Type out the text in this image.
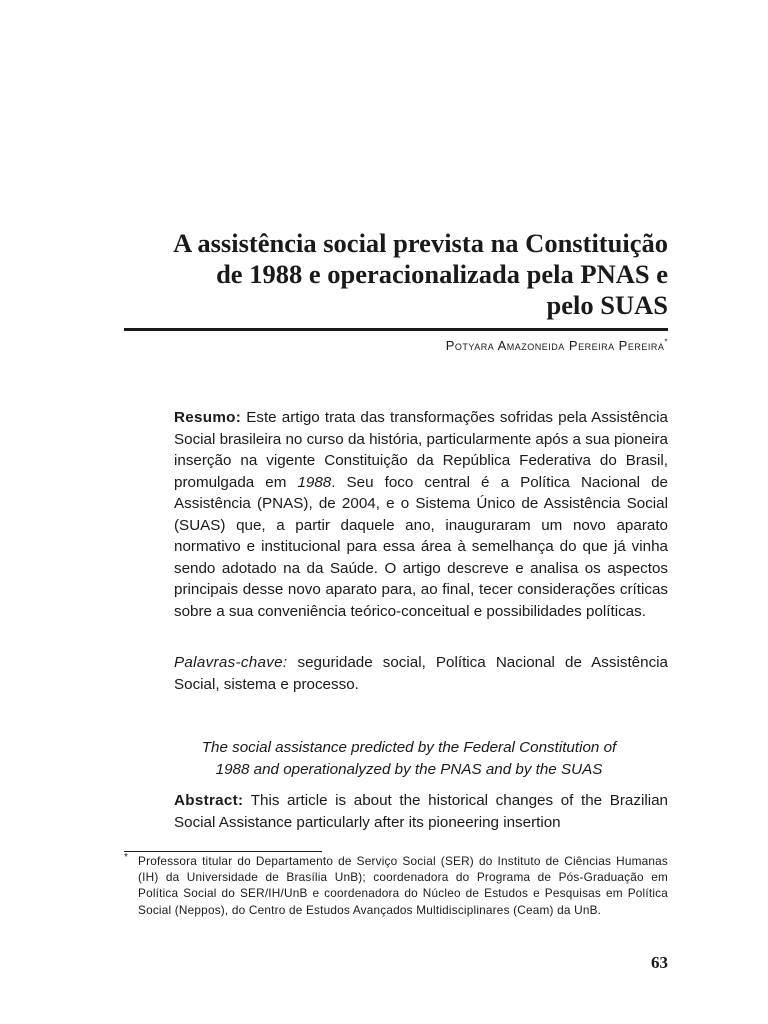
A assistência social prevista na Constituição
de 1988 e operacionalizada pela PNAS e
pelo SUAS
Potyara Amazoneida Pereira Pereira*

Resumo: Este artigo trata das transformações sofridas pela Assistência Social brasileira no curso da história, particularmente após a sua pioneira inserção na vigente Constituição da República Federativa do Brasil, promulgada em 1988. Seu foco central é a Política Nacional de Assistência (PNAS), de 2004, e o Sistema Único de Assistência Social (SUAS) que, a partir daquele ano, inauguraram um novo aparato normativo e institucional para essa área à semelhança do que já vinha sendo adotado na da Saúde. O artigo descreve e analisa os aspectos principais desse novo aparato para, ao final, tecer considerações críticas sobre a sua conveniência teórico-conceitual e possibilidades políticas.

Palavras-chave: seguridade social, Política Nacional de Assistência Social, sistema e processo.

The social assistance predicted by the Federal Constitution of
1988 and operationalyzed by the PNAS and by the SUAS

Abstract: This article is about the historical changes of the Brazilian Social Assistance particularly after its pioneering insertion

* Professora titular do Departamento de Serviço Social (SER) do Instituto de Ciências Humanas (IH) da Universidade de Brasília UnB); coordenadora do Programa de Pós-Graduação em Política Social do SER/IH/UnB e coordenadora do Núcleo de Estudos e Pesquisas em Política Social (Neppos), do Centro de Estudos Avançados Multidisciplinares (Ceam) da UnB.

63
